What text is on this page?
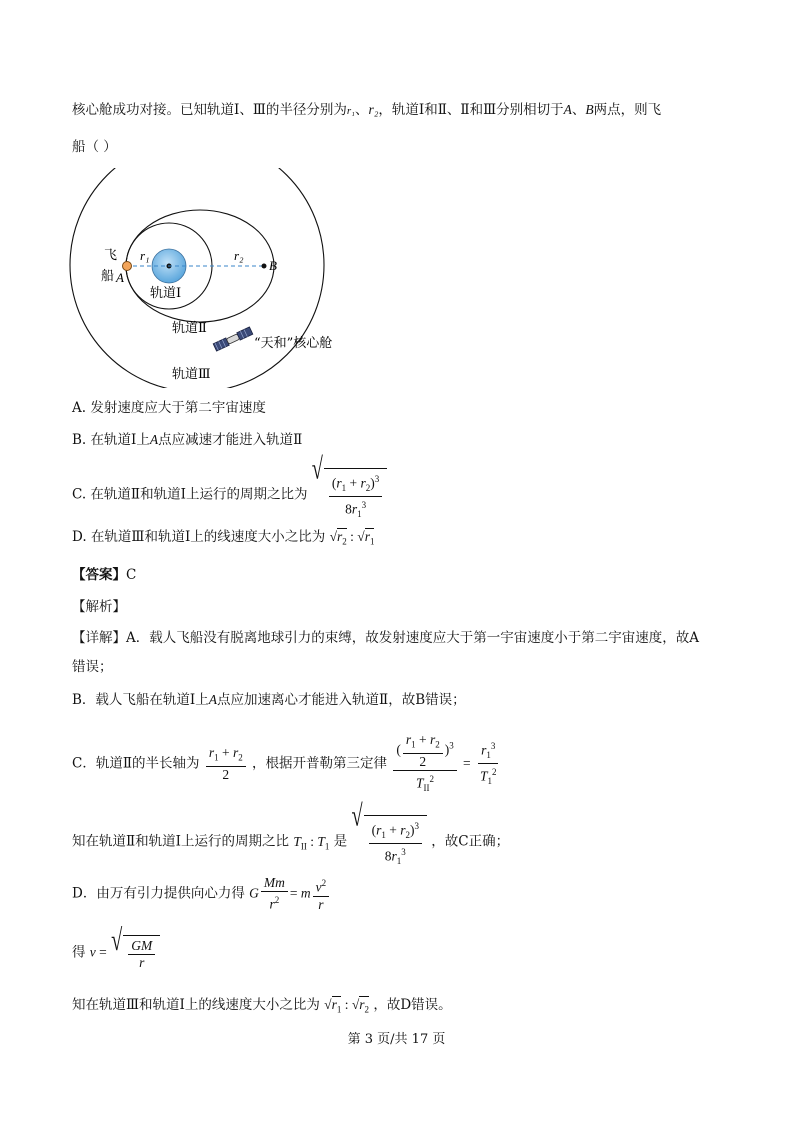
核心舱成功对接。已知轨道Ⅰ、Ⅲ的半径分别为r₁、r₂，轨道Ⅰ和Ⅱ、Ⅱ和Ⅲ分别相切于A、B两点，则飞
船（ ）
飞
船 A
B
r₁	r₂
轨道Ⅰ
轨道Ⅱ
轨道Ⅲ
“天和”核心舱
A. 发射速度应大于第二宇宙速度
B. 在轨道Ⅰ上A点应减速才能进入轨道Ⅱ
C. 在轨道Ⅱ和轨道Ⅰ上运行的周期之比为
√
$\frac{(r_1 + r_2)^3}{8r_1^3}$
D. 在轨道Ⅲ和轨道Ⅰ上的线速度大小之比为 $√r_2$ : $√r_1$
【答案】C
【解析】
【详解】A．载人飞船没有脱离地球引力的束缚，故发射速度应大于第一宇宙速度小于第二宇宙速度，故A
错误；
B．载人飞船在轨道Ⅰ上A点应加速离心才能进入轨道Ⅱ，故B错误；
C．轨道Ⅱ的半长轴为 $\frac{r_1 + r_2}{2}$ ，根据开普勒第三定律 $\frac{( \frac{r_1 + r_2}{2} )^3}{T_{II}^2} = \frac{r_1^3}{T_1^2}$
知在轨道Ⅱ和轨道Ⅰ上运行的周期之比 $T_{II}$ : $T_1$ 是
√
$\frac{(r_1 + r_2)^3}{8r_1^3}$ ，故C正确；
D．由万有引力提供向心力得 G $\frac{Mm}{r^2} = m \frac{v^2}{r}$
得 v = √ $\frac{GM}{r}$
知在轨道Ⅲ和轨道Ⅰ上的线速度大小之比为 $√r_1$ : $√r_2$ ，故D错误。
第 3 页/共 17 页
